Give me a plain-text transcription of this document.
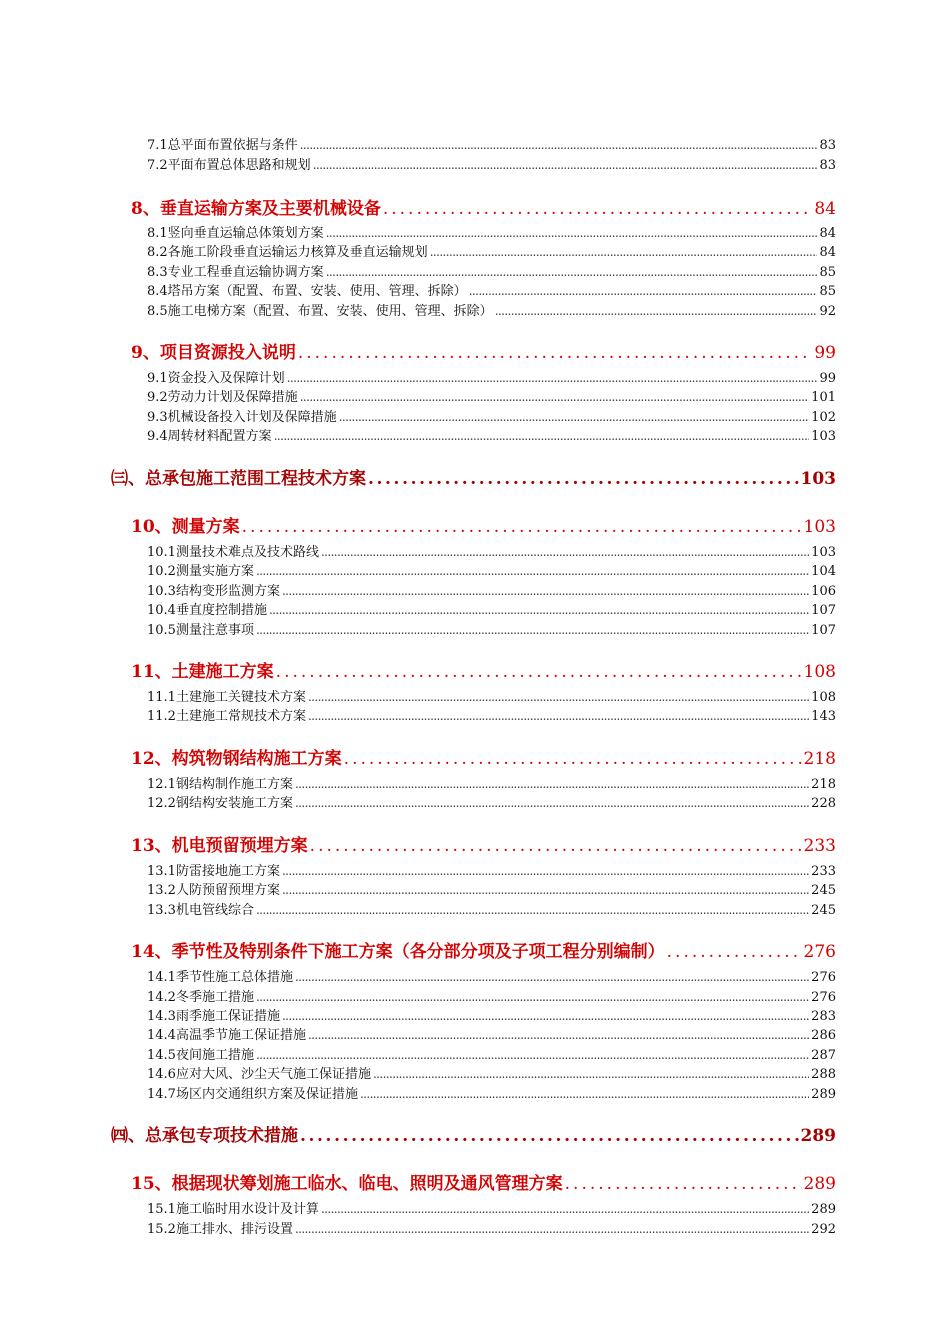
7.1总平面布置依据与条件 .....	83
7.2平面布置总体思路和规划 .....	83
8、垂直运输方案及主要机械设备 .....	84
8.1竖向垂直运输总体策划方案 .....	84
8.2各施工阶段垂直运输运力核算及垂直运输规划 .....	84
8.3专业工程垂直运输协调方案 .....	85
8.4塔吊方案（配置、布置、安装、使用、管理、拆除） .....	85
8.5施工电梯方案（配置、布置、安装、使用、管理、拆除） .....	92
9、项目资源投入说明 .....	99
9.1资金投入及保障计划 .....	99
9.2劳动力计划及保障措施 .....	101
9.3机械设备投入计划及保障措施 .....	102
9.4周转材料配置方案 .....	103
㈢、总承包施工范围工程技术方案 .....	103
10、测量方案 .....	103
10.1测量技术难点及技术路线 .....	103
10.2测量实施方案 .....	104
10.3结构变形监测方案 .....	106
10.4垂直度控制措施 .....	107
10.5测量注意事项 .....	107
11、土建施工方案 .....	108
11.1土建施工关键技术方案 .....	108
11.2土建施工常规技术方案 .....	143
12、构筑物钢结构施工方案 .....	218
12.1钢结构制作施工方案 .....	218
12.2钢结构安装施工方案 .....	228
13、机电预留预埋方案 .....	233
13.1防雷接地施工方案 .....	233
13.2人防预留预埋方案 .....	245
13.3机电管线综合 .....	245
14、季节性及特别条件下施工方案（各分部分项及子项工程分别编制） .....	276
14.1季节性施工总体措施 .....	276
14.2冬季施工措施 .....	276
14.3雨季施工保证措施 .....	283
14.4高温季节施工保证措施 .....	286
14.5夜间施工措施 .....	287
14.6应对大风、沙尘天气施工保证措施 .....	288
14.7场区内交通组织方案及保证措施 .....	289
㈣、总承包专项技术措施 .....	289
15、根据现状筹划施工临水、临电、照明及通风管理方案 .....	289
15.1施工临时用水设计及计算 .....	289
15.2施工排水、排污设置 .....	292
